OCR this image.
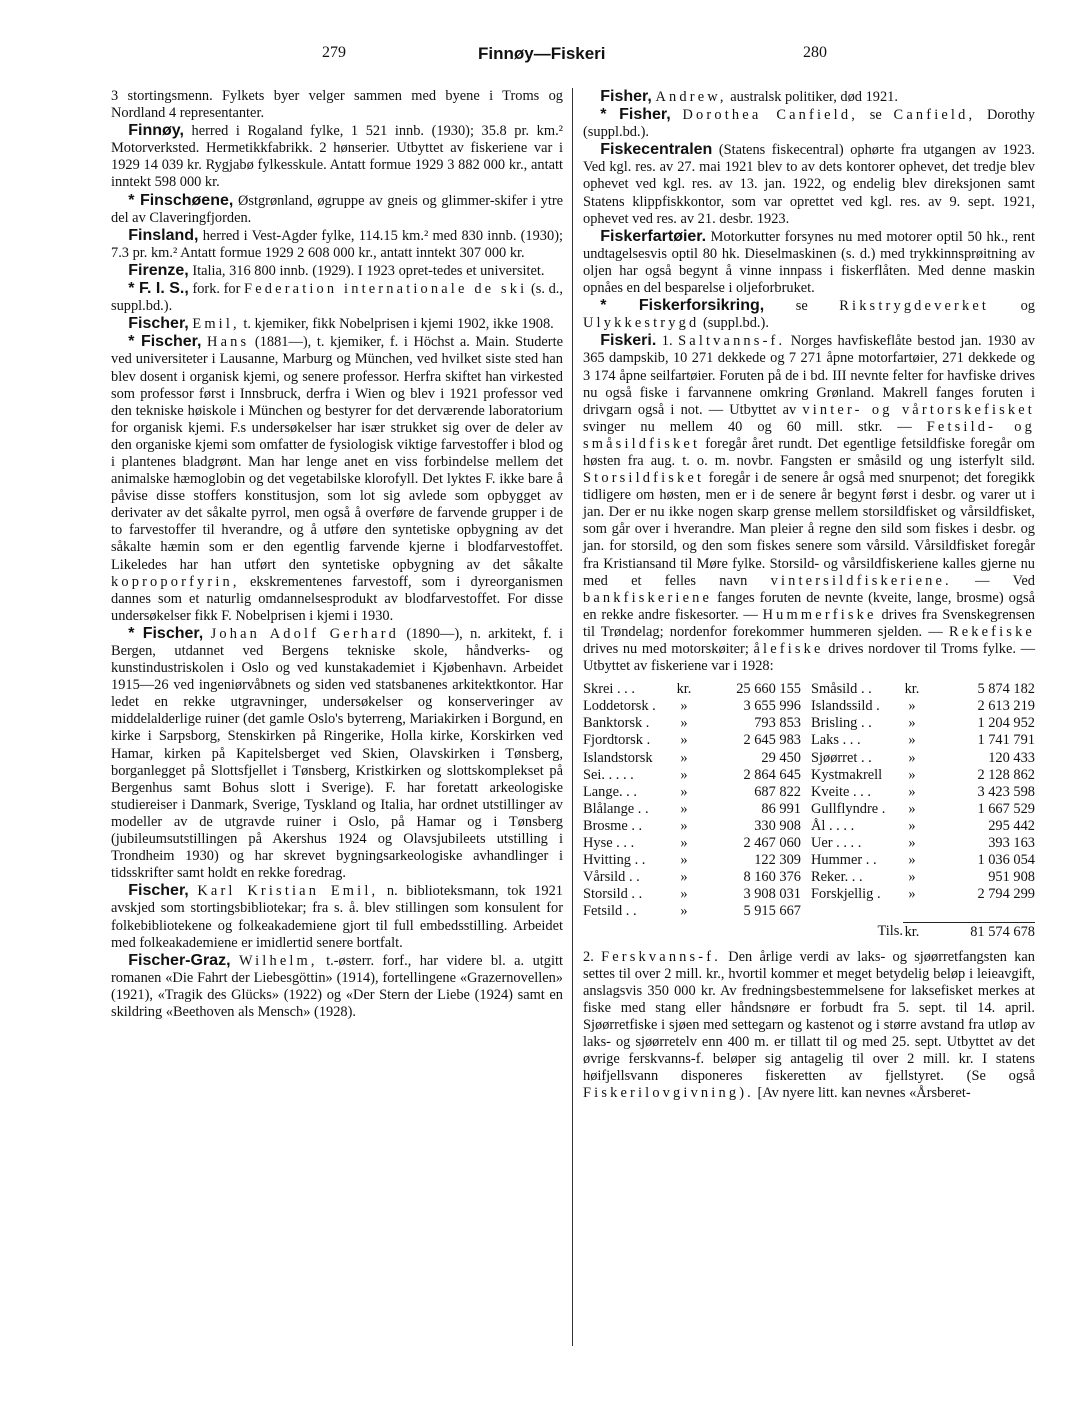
279	Finnøy—Fiskeri	280

3 stortingsmenn. Fylkets byer velger sammen med byene i Troms og Nordland 4 representanter.

Finnøy, herred i Rogaland fylke, 1 521 innb. (1930); 35.8 pr. km.² Motorverksted. Hermetikkfabrikk. 2 hønserier. Utbyttet av fiskeriene var i 1929 14 039 kr. Rygjabø fylkesskule. Antatt formue 1929 3 882 000 kr., antatt inntekt 598 000 kr.

* Finschøene, Østgrønland, øgruppe av gneis og glimmer-skifer i ytre del av Claveringfjorden.

Finsland, herred i Vest-Agder fylke, 114.15 km.² med 830 innb. (1930); 7.3 pr. km.² Antatt formue 1929 2 608 000 kr., antatt inntekt 307 000 kr.

Firenze, Italia, 316 800 innb. (1929). I 1923 opret-tedes et universitet.

* F. I. S., fork. for Federation internationale de ski (s. d., suppl.bd.).

Fischer, Emil, t. kjemiker, fikk Nobelprisen i kjemi 1902, ikke 1908.

* Fischer, Hans (1881—), t. kjemiker, f. i Höchst a. Main. Studerte ved universiteter i Lausanne, Marburg og München, ved hvilket siste sted han blev dosent i organisk kjemi, og senere professor. Herfra skiftet han virkested som professor først i Innsbruck, derfra i Wien og blev i 1921 professor ved den tekniske høiskole i München og bestyrer for det derværende laboratorium for organisk kjemi. F.s undersøkelser har især strukket sig over de deler av den organiske kjemi som omfatter de fysiologisk viktige farvestoffer i blod og i plantenes bladgrønt. Man har lenge anet en viss forbindelse mellem det animalske hæmoglobin og det vegetabilske klorofyll. Det lyktes F. ikke bare å påvise disse stoffers konstitusjon, som lot sig avlede som opbygget av derivater av det såkalte pyrrol, men også å overføre de farvende grupper i de to farvestoffer til hverandre, og å utføre den syntetiske opbygning av det såkalte hæmin som er den egentlig farvende kjerne i blodfarvestoffet. Likeledes har han utført den syntetiske opbygning av det såkalte koproporfyrin, ekskrementenes farvestoff, som i dyreorganismen dannes som et naturlig omdannelsesprodukt av blodfarvestoffet. For disse undersøkelser fikk F. Nobelprisen i kjemi i 1930.

* Fischer, Johan Adolf Gerhard (1890—), n. arkitekt, f. i Bergen, utdannet ved Bergens tekniske skole, håndverks- og kunstindustriskolen i Oslo og ved kunstakademiet i Kjøbenhavn. Arbeidet 1915—26 ved ingeniørvåbnets og siden ved statsbanenes arkitektkontor. Har ledet en rekke utgravninger, undersøkelser og konserveringer av middelalderlige ruiner (det gamle Oslo's byterreng, Mariakirken i Borgund, en kirke i Sarpsborg, Stenskirken på Ringerike, Holla kirke, Korskirken ved Hamar, kirken på Kapitelsberget ved Skien, Olavskirken i Tønsberg, borganlegget på Slottsfjellet i Tønsberg, Kristkirken og slottskomplekset på Bergenhus samt Bohus slott i Sverige). F. har foretatt arkeologiske studiereiser i Danmark, Sverige, Tyskland og Italia, har ordnet utstillinger av modeller av de utgravde ruiner i Oslo, på Hamar og i Tønsberg (jubileumsutstillingen på Akershus 1924 og Olavsjubileets utstilling i Trondheim 1930) og har skrevet bygningsarkeologiske avhandlinger i tidsskrifter samt holdt en rekke foredrag.

Fischer, Karl Kristian Emil, n. biblioteksmann, tok 1921 avskjed som stortingsbibliotekar; fra s. å. blev stillingen som konsulent for folkebibliotekene og folkeakademiene gjort til full embedsstilling. Arbeidet med folkeakademiene er imidlertid senere bortfalt.

Fischer-Graz, Wilhelm, t.-østerr. forf., har videre bl. a. utgitt romanen «Die Fahrt der Liebesgöttin» (1914), fortellingene «Grazernovellen» (1921), «Tragik des Glücks» (1922) og «Der Stern der Liebe (1924) samt en skildring «Beethoven als Mensch» (1928).

Fisher, Andrew, australsk politiker, død 1921.

* Fisher, Dorothea Canfield, se Canfield, Dorothy (suppl.bd.).

Fiskecentralen (Statens fiskecentral) ophørte fra utgangen av 1923. Ved kgl. res. av 27. mai 1921 blev to av dets kontorer ophevet, det tredje blev ophevet ved kgl. res. av 13. jan. 1922, og endelig blev direksjonen samt Statens klippfiskkontor, som var oprettet ved kgl. res. av 9. sept. 1921, ophevet ved res. av 21. desbr. 1923.

Fiskerfartøier. Motorkutter forsynes nu med motorer optil 50 hk., rent undtagelsesvis optil 80 hk. Dieselmaskinen (s. d.) med trykkinnsprøitning av oljen har også begynt å vinne innpass i fiskerflåten. Med denne maskin opnåes en del besparelse i oljeforbruket.

* Fiskerforsikring, se Rikstrygdeverket og Ulykkestrygd (suppl.bd.).

Fiskeri. 1. Saltvanns-f. Norges havfiskeflåte bestod jan. 1930 av 365 dampskib, 10 271 dekkede og 7 271 åpne motorfartøier, 271 dekkede og 3 174 åpne seilfartøier. Foruten på de i bd. III nevnte felter for havfiske drives nu også fiske i farvannene omkring Grønland. Makrell fanges foruten i drivgarn også i not. — Utbyttet av vinter- og vårtorskefisket svinger nu mellem 40 og 60 mill. stkr. — Fetsild- og småsildfisket foregår året rundt. Det egentlige fetsildfiske foregår om høsten fra aug. t. o. m. novbr. Fangsten er småsild og ung isterfylt sild. Storsildfisket foregår i de senere år også med snurpenot; det foregikk tidligere om høsten, men er i de senere år begynt først i desbr. og varer ut i jan. Der er nu ikke nogen skarp grense mellem storsildfisket og vårsildfisket, som går over i hverandre. Man pleier å regne den sild som fiskes i desbr. og jan. for storsild, og den som fiskes senere som vårsild. Vårsildfisket foregår fra Kristiansand til Møre fylke. Storsild- og vårsildfiskeriene kalles gjerne nu med et felles navn vintersildfiskeriene. — Ved bankfiskeriene fanges foruten de nevnte (kveite, lange, brosme) også en rekke andre fiskesorter. — Hummerfiske drives fra Svenskegrensen til Trøndelag; nordenfor forekommer hummeren sjelden. — Rekefiske drives nu med motorskøiter; ålefiske drives nordover til Troms fylke. — Utbyttet av fiskeriene var i 1928:

Skrei . . .	kr.	25 660 155	Småsild . .	kr.	5 874 182
Loddetorsk .	»	3 655 996	Islandssild .	»	2 613 219
Banktorsk .	»	793 853	Brisling . .	»	1 204 952
Fjordtorsk .	»	2 645 983	Laks . . .	»	1 741 791
Islandstorsk	»	29 450	Sjøørret . .	»	120 433
Sei. . . . .	»	2 864 645	Kystmakrell	»	2 128 862
Lange. . .	»	687 822	Kveite . . .	»	3 423 598
Blålange . .	»	86 991	Gullflyndre .	»	1 667 529
Brosme . .	»	330 908	Ål . . . .	»	295 442
Hyse . . .	»	2 467 060	Uer . . . .	»	393 163
Hvitting . .	»	122 309	Hummer . .	»	1 036 054
Vårsild . .	»	8 160 376	Reker. . .	»	951 908
Storsild . .	»	3 908 031	Forskjellig .	»	2 794 299
Fetsild . .	»	5 915 667			
			Tils.	kr.	81 574 678

2. Ferskvanns-f. Den årlige verdi av laks- og sjøørretfangsten kan settes til over 2 mill. kr., hvortil kommer et meget betydelig beløp i leieavgift, anslagsvis 350 000 kr. Av fredningsbestemmelsene for laksefisket merkes at fiske med stang eller håndsnøre er forbudt fra 5. sept. til 14. april. Sjøørretfiske i sjøen med settegarn og kastenot og i større avstand fra utløp av laks- og sjøørretelv enn 400 m. er tillatt til og med 25. sept. Utbyttet av det øvrige ferskvanns-f. beløper sig antagelig til over 2 mill. kr. I statens høifjellsvann disponeres fiskeretten av fjellstyret. (Se også Fiskerilovgivning). [Av nyere litt. kan nevnes «Årsberet-
